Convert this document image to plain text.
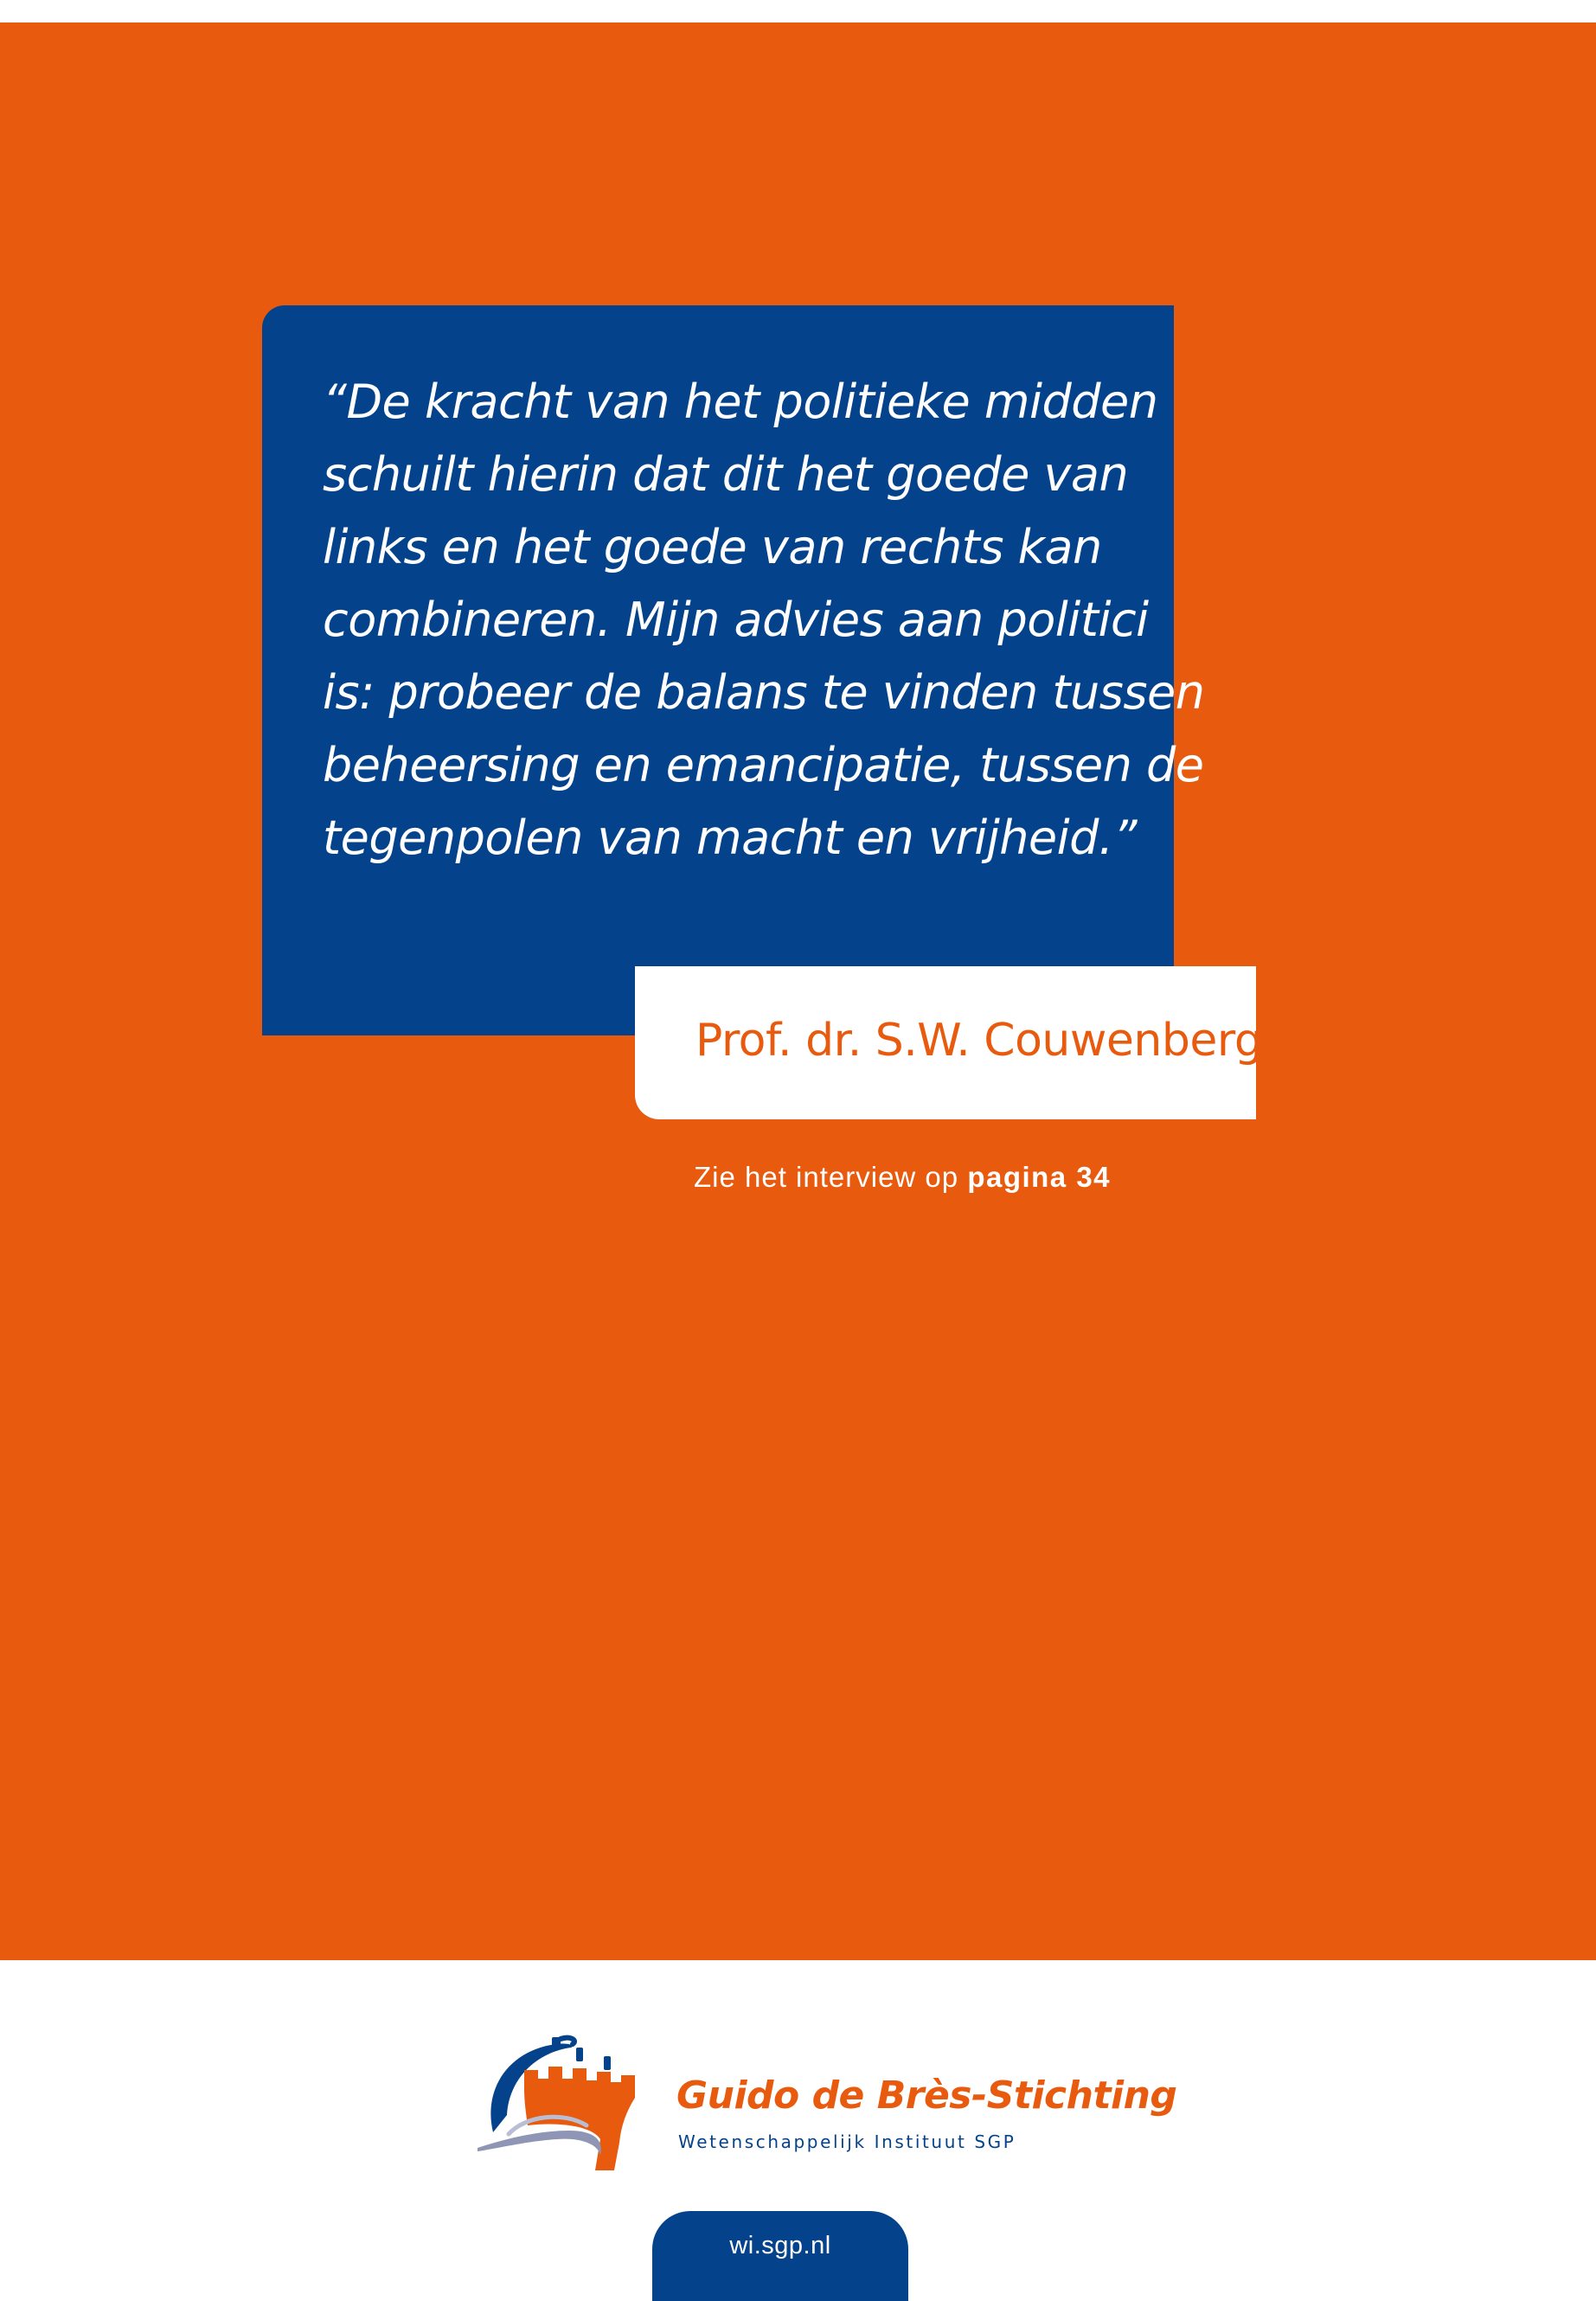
“De kracht van het politieke midden
schuilt hierin dat dit het goede van
links en het goede van rechts kan
combineren. Mijn advies aan politici
is: probeer de balans te vinden tussen
beheersing en emancipatie, tussen de
tegenpolen van macht en vrijheid.”

Prof. dr. S.W. Couwenberg

Zie het interview op pagina 34

Guido de Brès-Stichting

Wetenschappelijk Instituut SGP

wi.sgp.nl
